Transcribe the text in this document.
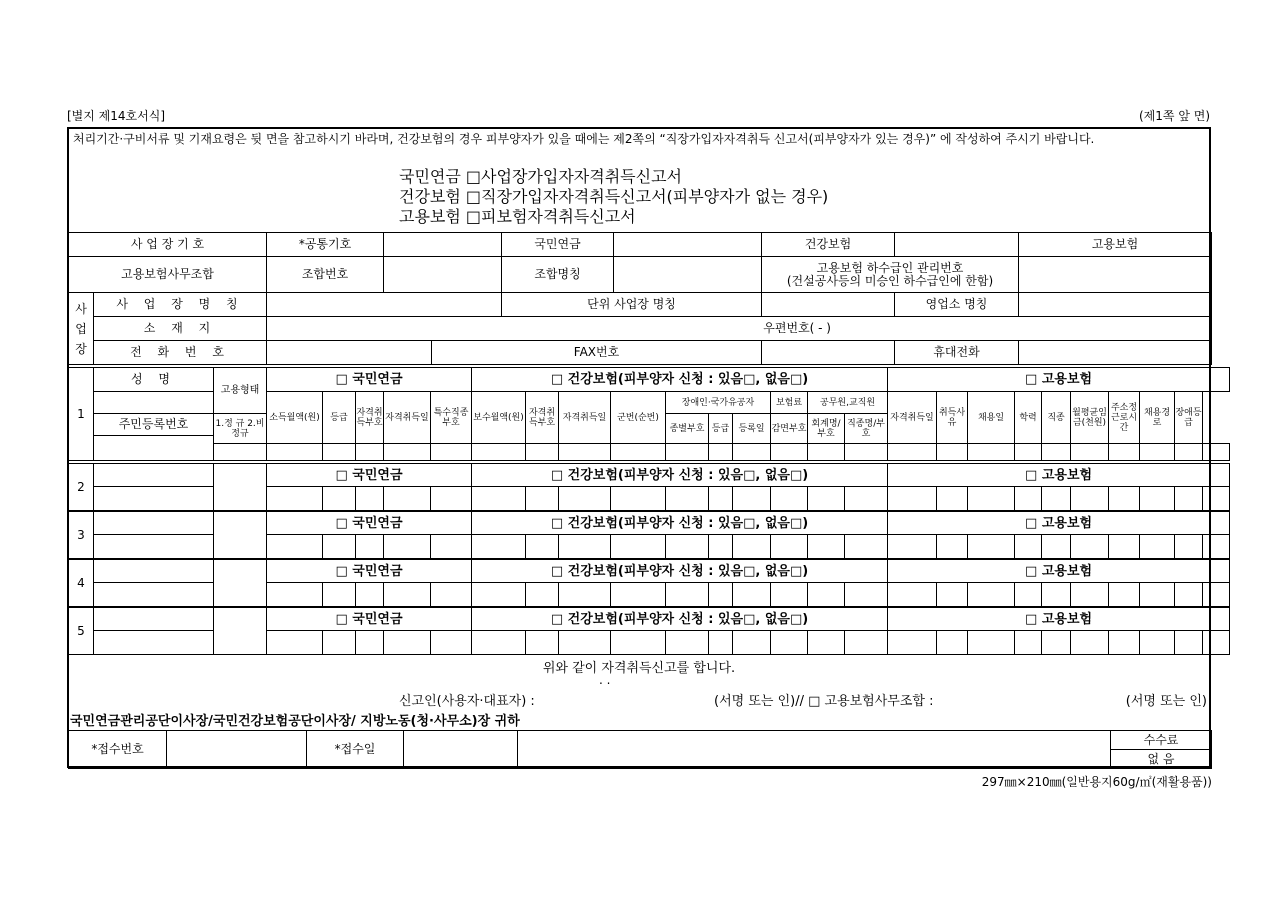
[별지 제14호서식]	(제1쪽 앞 면)
처리기간·구비서류 및 기재요령은 뒷 면을 참고하시기 바라며, 건강보험의 경우 피부양자가 있을 때에는 제2쪽의 “직장가입자자격취득 신고서(피부양자가 있는 경우)” 에 작성하여 주시기 바랍니다.
국민연금 □사업장가입자자격취득신고서
건강보험 □직장가입자자격취득신고서(피부양자가 없는 경우)
고용보험 □피보험자격취득신고서
사 업 장 기 호		*공통기호			국민연금		건강보험		고용보험
고용보험사무조합		조합번호			조합명칭		고용보험 하수급인 관리번호
(건설공사등의 미승인 하수급인에 한함)		

사
업
장	사 업 장 명 칭				단위 사업장 명칭			영업소 명칭	
	소 재 지	우편번호( - )							
	전 화 번 호			FAX번호				휴대전화	
1	성 명	고용형태	□ 국민연금					□ 건강보험(피부양자 신청 : 있음□, 없음□)										□ 고용보험									
			소득월액(원)	등급	자격취득부호	자격취득일	특수직종부호	보수월액(원)	자격취득부호	자격취득일	군번(순번)	장애인·국가유공자			보험료	공무원,교직원		자격취득일	취득사유	채용일	학력	직종	월평균임금(천원)	주소정근로시간	채용경로	장애등급	
	주민등록번호	1.정 규 2.비정규										종별부호	등급	등록일	감면부호	회계명/부호	직종명/부호										

2			□ 국민연금					□ 건강보험(피부양자 신청 : 있음□, 없음□)										□ 고용보험									

3			□ 국민연금					□ 건강보험(피부양자 신청 : 있음□, 없음□)										□ 고용보험									

4			□ 국민연금					□ 건강보험(피부양자 신청 : 있음□, 없음□)										□ 고용보험									

5			□ 국민연금					□ 건강보험(피부양자 신청 : 있음□, 없음□)										□ 고용보험									

위와 같이 자격취득신고를 합니다.
. .
신고인(사용자·대표자) :	(서명 또는 인)// □ 고용보험사무조합 :	(서명 또는 인)
국민연금관리공단이사장/국민건강보험공단이사장/ 지방노동(청·사무소)장 귀하
*접수번호		*접수일			수수료
없 음
297㎜×210㎜(일반용지60g/㎡(재활용품))
